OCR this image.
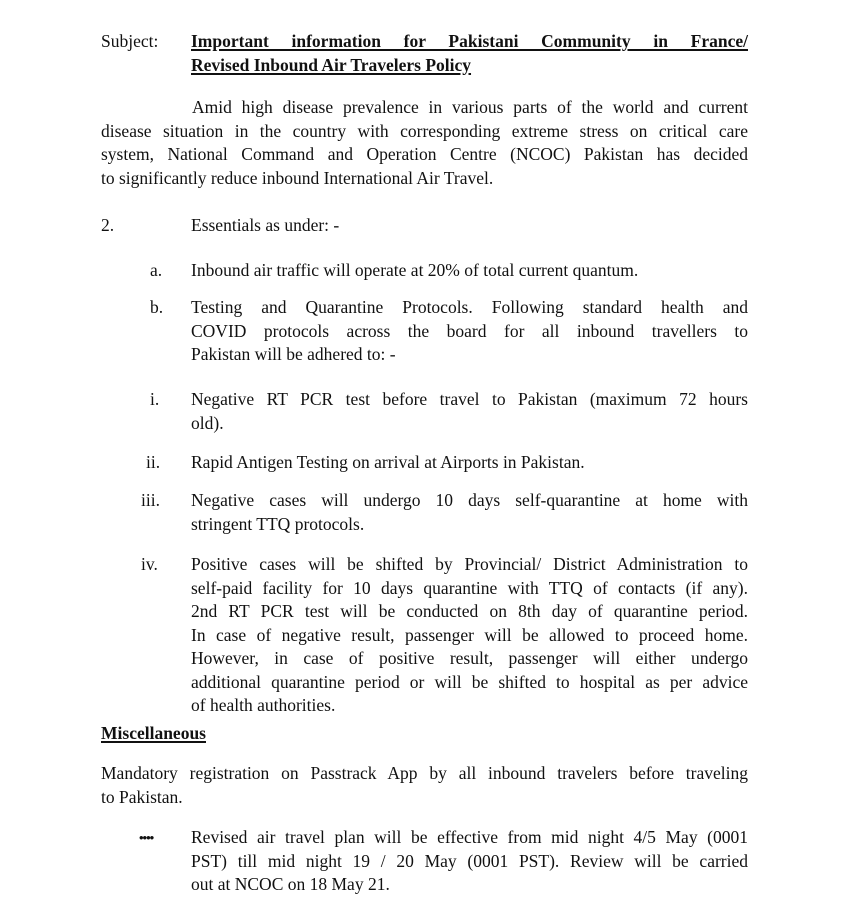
Subject: Important information for Pakistani Community in France/
Revised Inbound Air Travelers Policy
Amid high disease prevalence in various parts of the world and current
disease situation in the country with corresponding extreme stress on critical care
system, National Command and Operation Centre (NCOC) Pakistan has decided
to significantly reduce inbound International Air Travel.
2.	Essentials as under: -
a. Inbound air traffic will operate at 20% of total current quantum.
b. Testing and Quarantine Protocols. Following standard health and
COVID protocols across the board for all inbound travellers to
Pakistan will be adhered to: -
i. Negative RT PCR test before travel to Pakistan (maximum 72 hours
old).
ii. Rapid Antigen Testing on arrival at Airports in Pakistan.
iii. Negative cases will undergo 10 days self-quarantine at home with
stringent TTQ protocols.
iv. Positive cases will be shifted by Provincial/ District Administration to
self-paid facility for 10 days quarantine with TTQ of contacts (if any).
2nd RT PCR test will be conducted on 8th day of quarantine period.
In case of negative result, passenger will be allowed to proceed home.
However, in case of positive result, passenger will either undergo
additional quarantine period or will be shifted to hospital as per advice
of health authorities.
Miscellaneous
Mandatory registration on Passtrack App by all inbound travelers before traveling
to Pakistan.
•••• Revised air travel plan will be effective from mid night 4/5 May (0001
PST) till mid night 19 / 20 May (0001 PST). Review will be carried
out at NCOC on 18 May 21.
